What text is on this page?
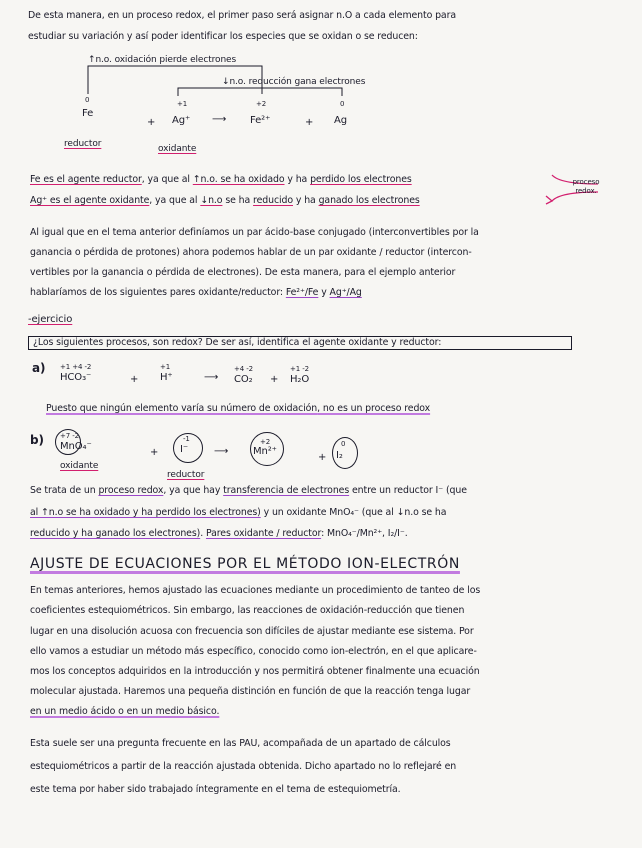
De esta manera, en un proceso redox, el primer paso será asignar n.O a cada elemento para
estudiar su variación y así poder identificar los especies que se oxidan o se reducen:
↑n.o. oxidación pierde electrones
↓n.o. reducción gana electrones
0	+1	+2	0
Fe
+ Ag⁺ ⟶ Fe²⁺	+ Ag
reductor	oxidante
Fe es el agente reductor, ya que al ↑n.o. se ha oxidado y ha perdido los electrones
Ag⁺ es el agente oxidante, ya que al ↓n.o se ha reducido y ha ganado los electrones
proceso redox.
Al igual que en el tema anterior definíamos un par ácido-base conjugado (interconvertibles por la
ganancia o pérdida de protones) ahora podemos hablar de un par oxidante / reductor (intercon-
vertibles por la ganancia o pérdida de electrones). De esta manera, para el ejemplo anterior
hablaríamos de los siguientes pares oxidante/reductor: Fe²⁺/Fe y Ag⁺/Ag
-ejercicio
¿Los siguientes procesos, son redox? De ser así, identifica el agente oxidante y reductor:
a) +1 +4 -2
HCO₃⁻	+
+1
H⁺	⟶
+4 -2
CO₂ +
+1 -2
H₂O
Puesto que ningún elemento varía su número de oxidación, no es un proceso redox
b) +7 -2
MnO₄⁻
oxidante
+
-1
I⁻
reductor
⟶
+2
Mn²⁺
+
0
I₂
Se trata de un proceso redox, ya que hay transferencia de electrones entre un reductor I⁻ (que
al ↑n.o se ha oxidado y ha perdido los electrones) y un oxidante MnO₄⁻ (que al ↓n.o se ha
reducido y ha ganado los electrones). Pares oxidante / reductor: MnO₄⁻/Mn²⁺, I₂/I⁻.
AJUSTE DE ECUACIONES POR EL MÉTODO ION-ELECTRÓN
En temas anteriores, hemos ajustado las ecuaciones mediante un procedimiento de tanteo de los
coeficientes estequiométricos. Sin embargo, las reacciones de oxidación-reducción que tienen
lugar en una disolución acuosa con frecuencia son difíciles de ajustar mediante ese sistema. Por
ello vamos a estudiar un método más específico, conocido como ion-electrón, en el que aplicare-
mos los conceptos adquiridos en la introducción y nos permitirá obtener finalmente una ecuación
molecular ajustada. Haremos una pequeña distinción en función de que la reacción tenga lugar
en un medio ácido o en un medio básico.
Esta suele ser una pregunta frecuente en las PAU, acompañada de un apartado de cálculos
estequiométricos a partir de la reacción ajustada obtenida. Dicho apartado no lo reflejaré en
este tema por haber sido trabajado íntegramente en el tema de estequiometría.
